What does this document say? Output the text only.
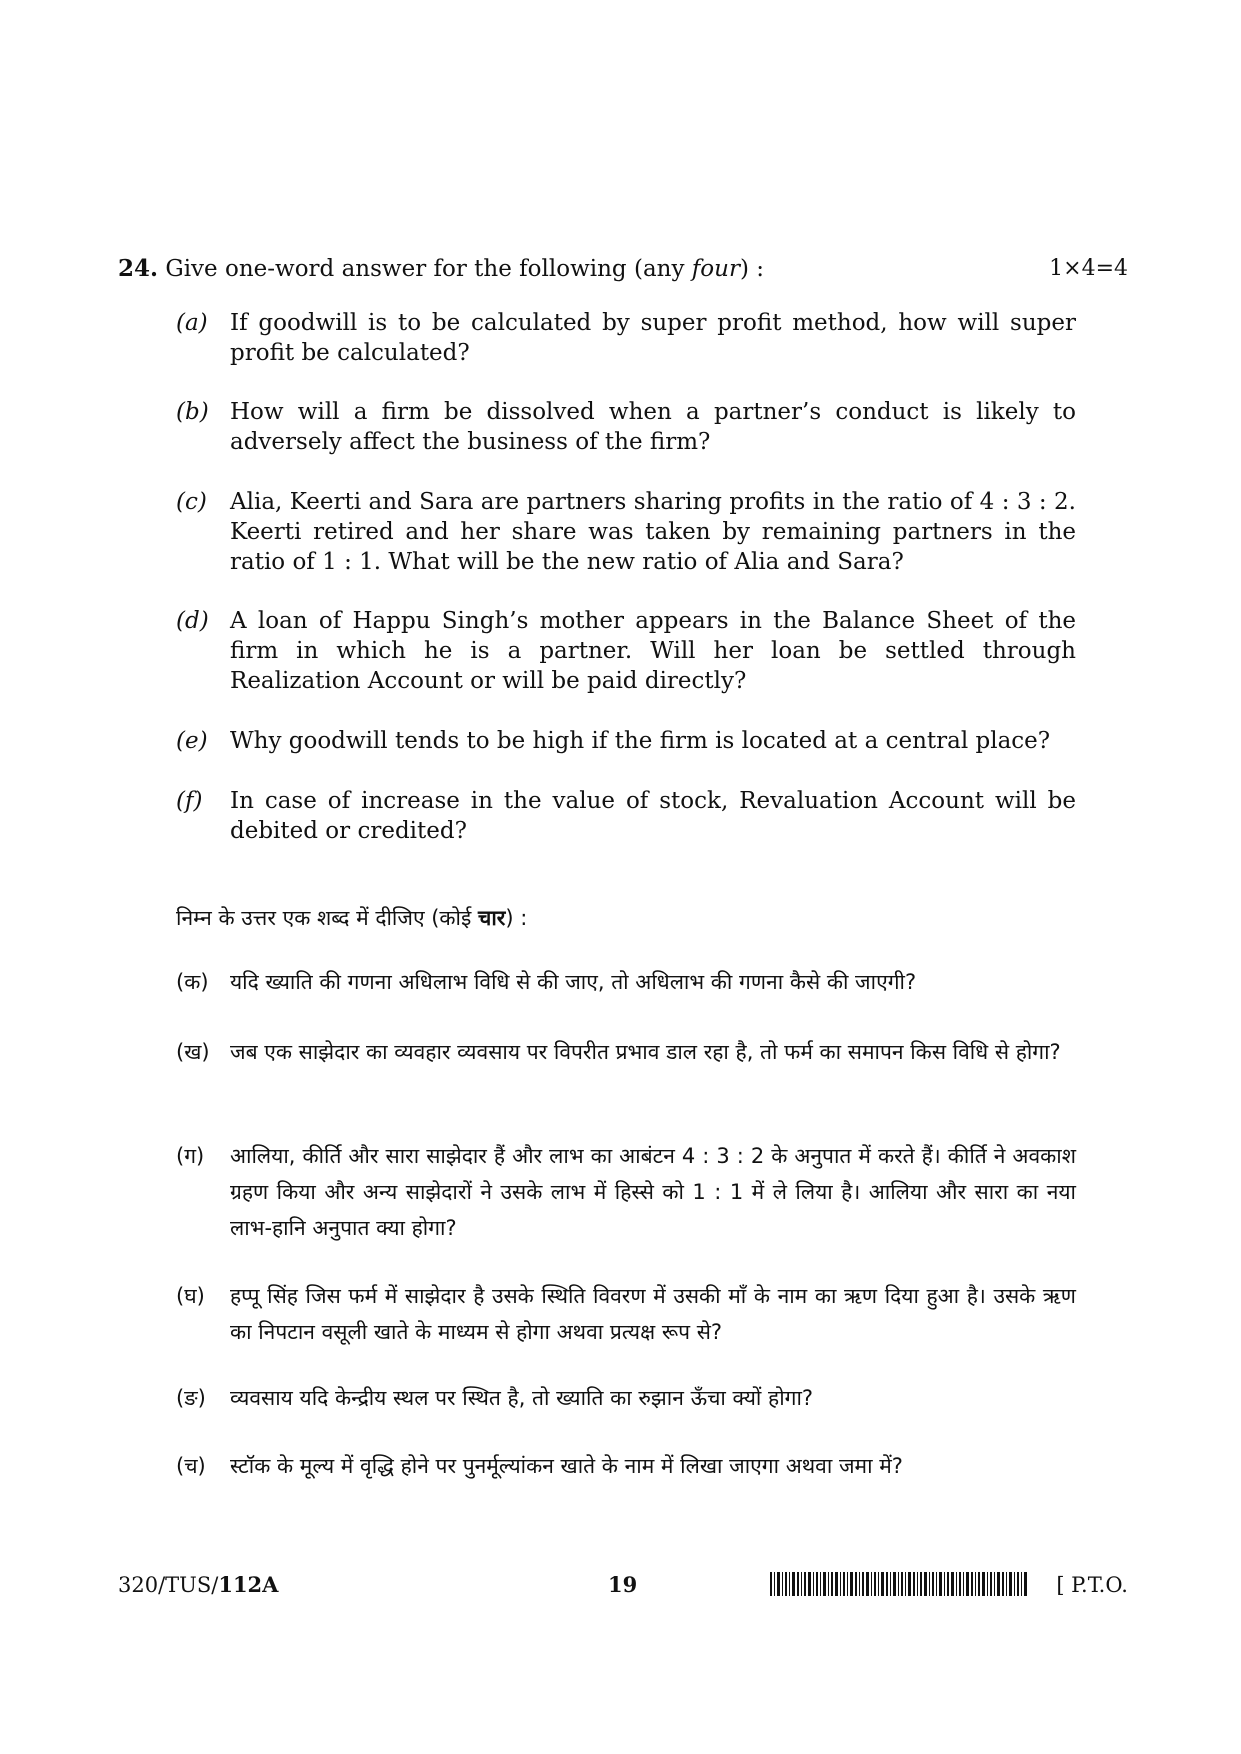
24. Give one-word answer for the following (any four) :	1×4=4
(a) If goodwill is to be calculated by super profit method, how will super profit be calculated?
(b) How will a firm be dissolved when a partner’s conduct is likely to adversely affect the business of the firm?
(c)	Alia, Keerti and Sara are partners sharing profits in the ratio of 4 : 3 : 2. Keerti retired and her share was taken by remaining partners in the ratio of 1 : 1. What will be the new ratio of Alia and Sara?
(d) A loan of Happu Singh’s mother appears in the Balance Sheet of the firm in which he is a partner. Will her loan be settled through Realization Account or will be paid directly?
(e) Why goodwill tends to be high if the firm is located at a central place?
(f)	In case of increase in the value of stock, Revaluation Account will be debited or credited?
निम्न के उत्तर एक शब्द में दीजिए (कोई चार) :
(क)	यदि ख्याति की गणना अधिलाभ विधि से की जाए, तो अधिलाभ की गणना कैसे की जाएगी?
(ख) जब एक साझेदार का व्यवहार व्यवसाय पर विपरीत प्रभाव डाल रहा है, तो फर्म का समापन किस विधि से होगा?
(ग)	आलिया, कीर्ति और सारा साझेदार हैं और लाभ का आबंटन 4 : 3 : 2 के अनुपात में करते हैं। कीर्ति ने अवकाश ग्रहण किया और अन्य साझेदारों ने उसके लाभ में हिस्से को 1 : 1 में ले लिया है। आलिया और सारा का नया लाभ-हानि अनुपात क्या होगा?
(घ)	हप्पू सिंह जिस फर्म में साझेदार है उसके स्थिति विवरण में उसकी माँ के नाम का ऋण दिया हुआ है। उसके ऋण का निपटान वसूली खाते के माध्यम से होगा अथवा प्रत्यक्ष रूप से?
(ङ)	व्यवसाय यदि केन्द्रीय स्थल पर स्थित है, तो ख्याति का रुझान ऊँचा क्यों होगा?
(च)	स्टॉक के मूल्य में वृद्धि होने पर पुनर्मूल्यांकन खाते के नाम में लिखा जाएगा अथवा जमा में?
320/TUS/112A	19	[ P.T.O.
